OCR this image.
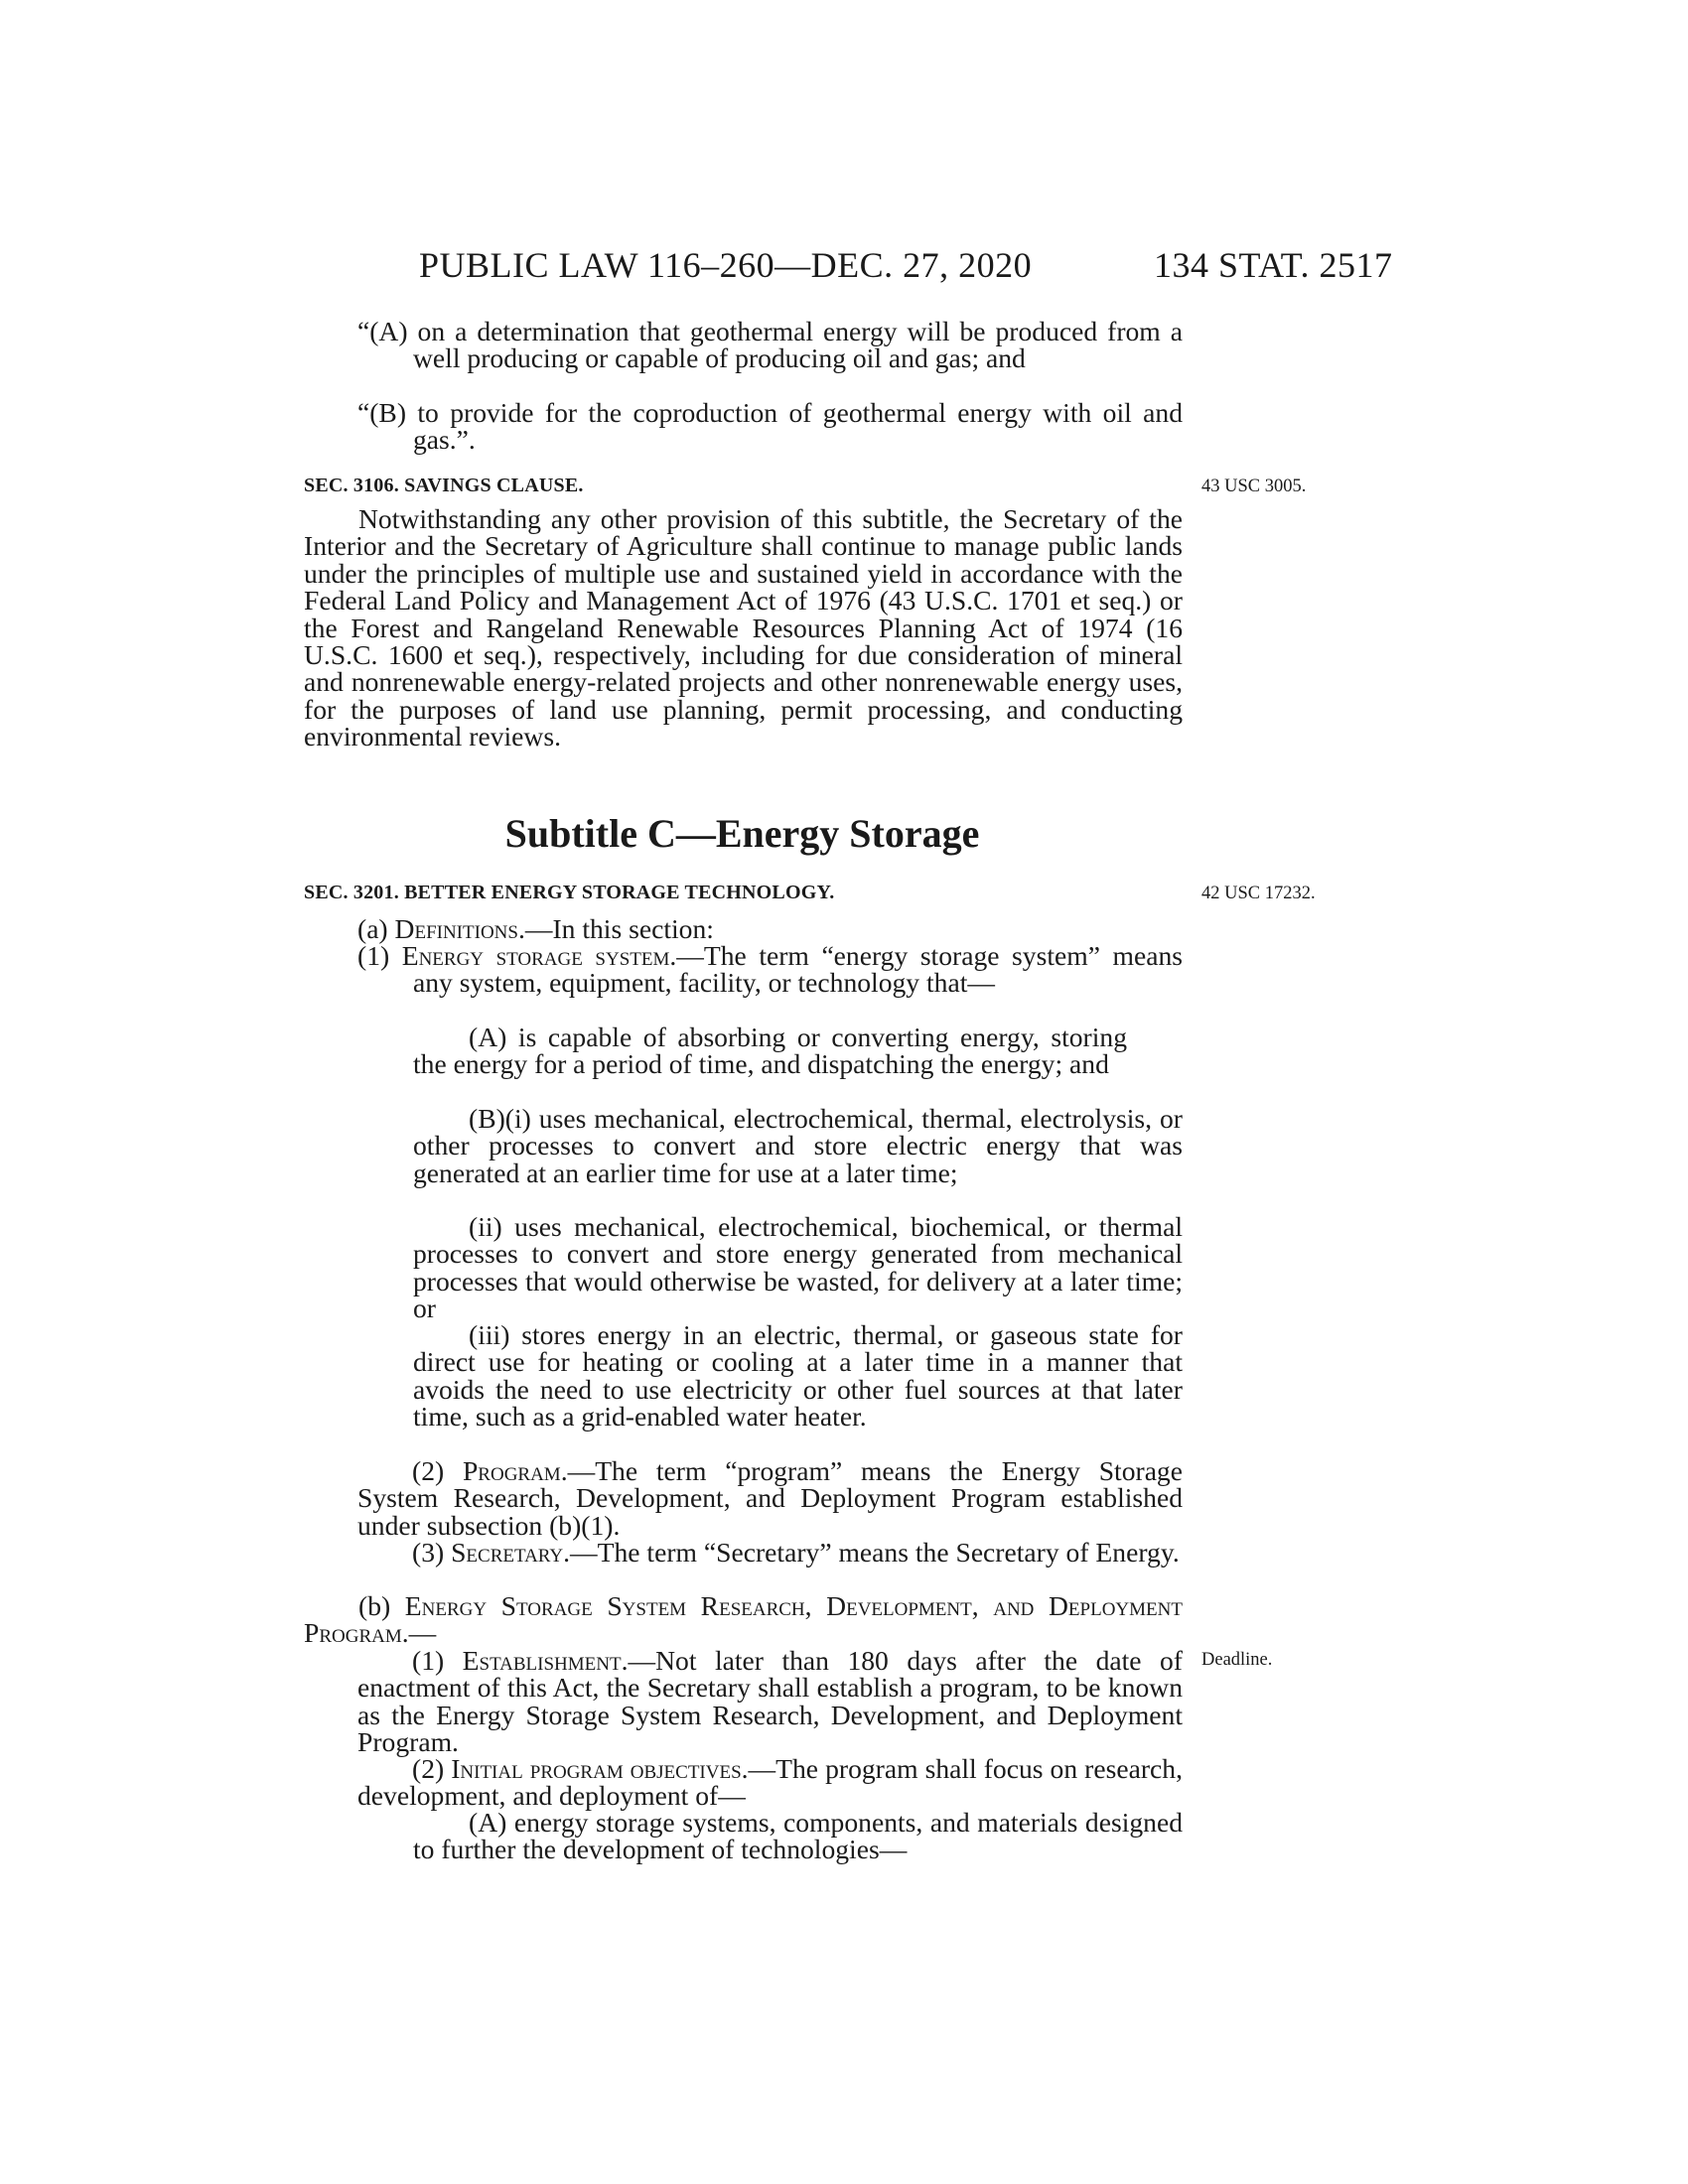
PUBLIC LAW 116–260—DEC. 27, 2020	134 STAT. 2517
“(A) on a determination that geothermal energy will be produced from a well producing or capable of producing oil and gas; and
“(B) to provide for the coproduction of geothermal energy with oil and gas.”.
SEC. 3106. SAVINGS CLAUSE.	43 USC 3005.
Notwithstanding any other provision of this subtitle, the Secretary of the Interior and the Secretary of Agriculture shall continue to manage public lands under the principles of multiple use and sustained yield in accordance with the Federal Land Policy and Management Act of 1976 (43 U.S.C. 1701 et seq.) or the Forest and Rangeland Renewable Resources Planning Act of 1974 (16 U.S.C. 1600 et seq.), respectively, including for due consideration of mineral and nonrenewable energy-related projects and other nonrenewable energy uses, for the purposes of land use planning, permit processing, and conducting environmental reviews.
Subtitle C—Energy Storage
SEC. 3201. BETTER ENERGY STORAGE TECHNOLOGY.	42 USC 17232.
(a) Definitions.—In this section:
(1) Energy storage system.—The term “energy storage system” means any system, equipment, facility, or technology that—
(A) is capable of absorbing or converting energy, storing the energy for a period of time, and dispatching the energy; and
(B)(i) uses mechanical, electrochemical, thermal, electrolysis, or other processes to convert and store electric energy that was generated at an earlier time for use at a later time;
(ii) uses mechanical, electrochemical, biochemical, or thermal processes to convert and store energy generated from mechanical processes that would otherwise be wasted, for delivery at a later time; or
(iii) stores energy in an electric, thermal, or gaseous state for direct use for heating or cooling at a later time in a manner that avoids the need to use electricity or other fuel sources at that later time, such as a grid-enabled water heater.
(2) Program.—The term “program” means the Energy Storage System Research, Development, and Deployment Program established under subsection (b)(1).
(3) Secretary.—The term “Secretary” means the Secretary of Energy.
(b) Energy Storage System Research, Development, and Deployment Program.—
(1) Establishment.—Not later than 180 days after the date of enactment of this Act, the Secretary shall establish a program, to be known as the Energy Storage System Research, Development, and Deployment Program.
Deadline.
(2) Initial program objectives.—The program shall focus on research, development, and deployment of—
(A) energy storage systems, components, and materials designed to further the development of technologies—
